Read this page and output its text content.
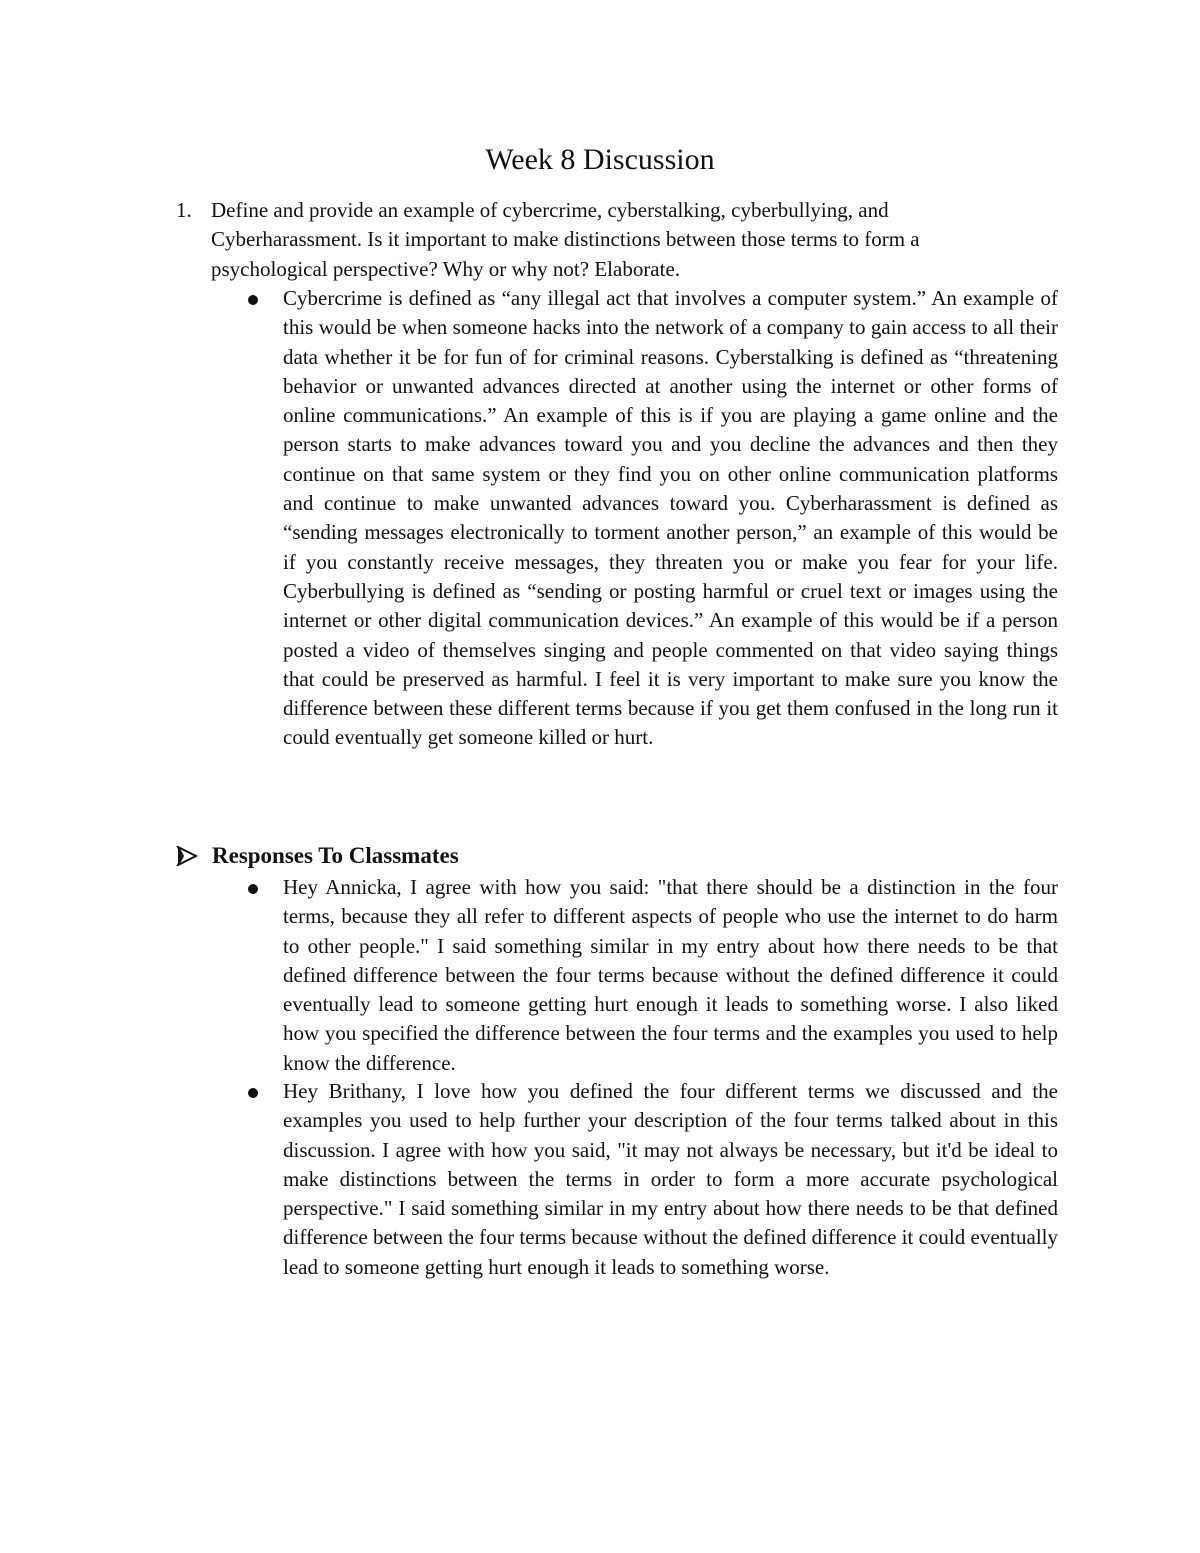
Week 8 Discussion
1. Define and provide an example of cybercrime, cyberstalking, cyberbullying, and Cyberharassment. Is it important to make distinctions between those terms to form a psychological perspective? Why or why not? Elaborate.
Cybercrime is defined as “any illegal act that involves a computer system.” An example of this would be when someone hacks into the network of a company to gain access to all their data whether it be for fun of for criminal reasons. Cyberstalking is defined as “threatening behavior or unwanted advances directed at another using the internet or other forms of online communications.” An example of this is if you are playing a game online and the person starts to make advances toward you and you decline the advances and then they continue on that same system or they find you on other online communication platforms and continue to make unwanted advances toward you. Cyberharassment is defined as “sending messages electronically to torment another person,” an example of this would be if you constantly receive messages, they threaten you or make you fear for your life. Cyberbullying is defined as “sending or posting harmful or cruel text or images using the internet or other digital communication devices.” An example of this would be if a person posted a video of themselves singing and people commented on that video saying things that could be preserved as harmful. I feel it is very important to make sure you know the difference between these different terms because if you get them confused in the long run it could eventually get someone killed or hurt.
Responses To Classmates
Hey Annicka, I agree with how you said: "that there should be a distinction in the four terms, because they all refer to different aspects of people who use the internet to do harm to other people." I said something similar in my entry about how there needs to be that defined difference between the four terms because without the defined difference it could eventually lead to someone getting hurt enough it leads to something worse. I also liked how you specified the difference between the four terms and the examples you used to help know the difference.
Hey Brithany, I love how you defined the four different terms we discussed and the examples you used to help further your description of the four terms talked about in this discussion. I agree with how you said, "it may not always be necessary, but it'd be ideal to make distinctions between the terms in order to form a more accurate psychological perspective." I said something similar in my entry about how there needs to be that defined difference between the four terms because without the defined difference it could eventually lead to someone getting hurt enough it leads to something worse.
